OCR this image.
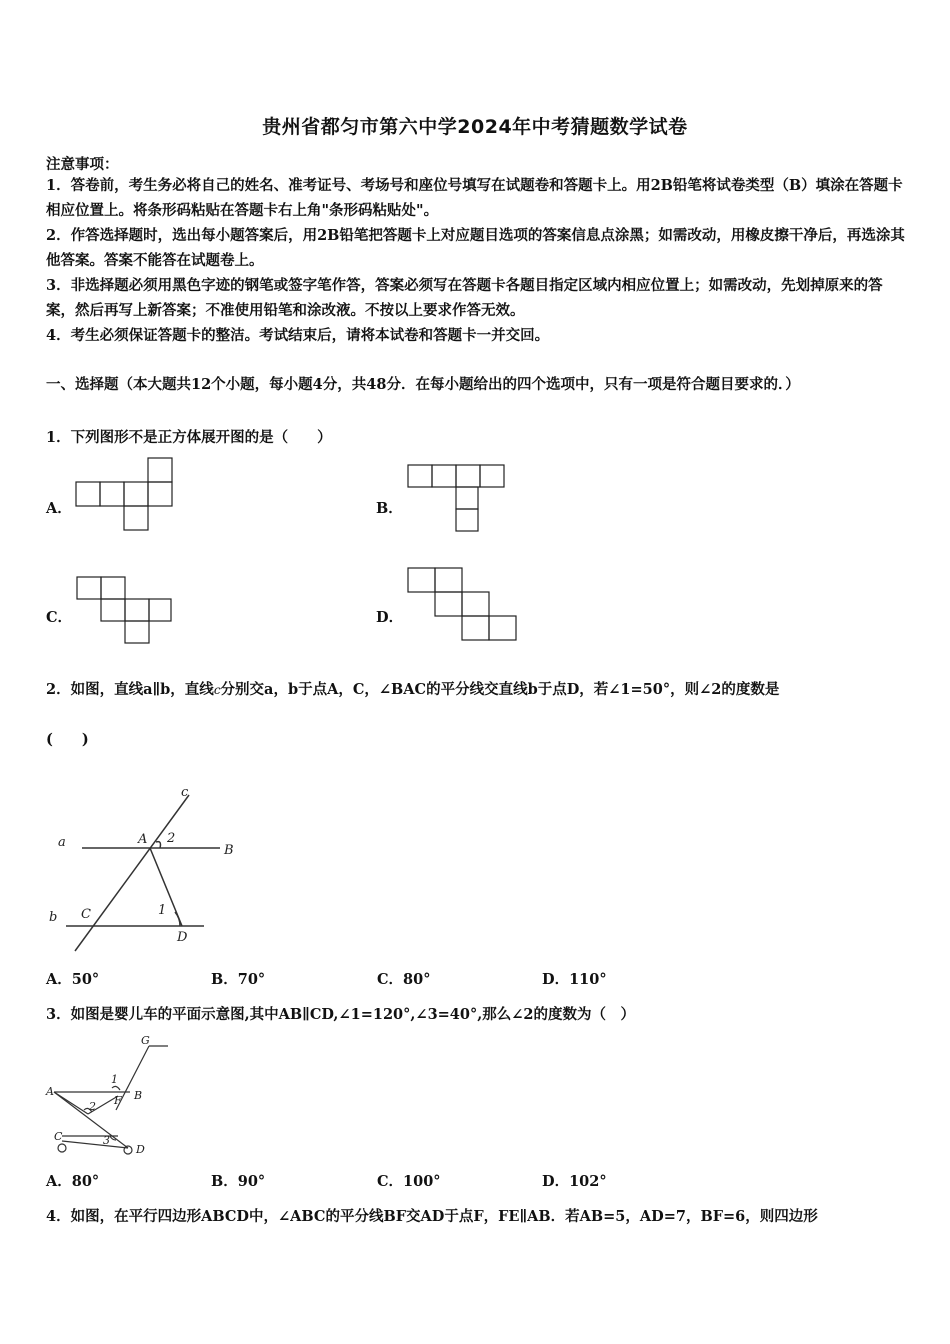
贵州省都匀市第六中学2024年中考猜题数学试卷
注意事项：
1．答卷前，考生务必将自己的姓名、准考证号、考场号和座位号填写在试题卷和答题卡上。用2B铅笔将试卷类型（B）填涂在答题卡相应位置上。将条形码粘贴在答题卡右上角"条形码粘贴处"。
2．作答选择题时，选出每小题答案后，用2B铅笔把答题卡上对应题目选项的答案信息点涂黑；如需改动，用橡皮擦干净后，再选涂其他答案。答案不能答在试题卷上。
3．非选择题必须用黑色字迹的钢笔或签字笔作答，答案必须写在答题卡各题目指定区域内相应位置上；如需改动，先划掉原来的答案，然后再写上新答案；不准使用铅笔和涂改液。不按以上要求作答无效。
4．考生必须保证答题卡的整洁。考试结束后，请将本试卷和答题卡一并交回。
一、选择题（本大题共12个小题，每小题4分，共48分．在每小题给出的四个选项中，只有一项是符合题目要求的．）
1．下列图形不是正方体展开图的是（　　）
A．	B．
C．	D．
2．如图，直线a∥b，直线c分别交a，b于点A，C，∠BAC的平分线交直线b于点D，若∠1=50°，则∠2的度数是
(　　)
c
a	A 2
B
b C	1
D
A．50°	B．70°	C．80°	D．110°
3．如图是婴儿车的平面示意图,其中AB∥CD,∠1=120°,∠3=40°,那么∠2的度数为（　）
G
1
A
F B
2
C	3
D
A．80°	B．90°	C．100°	D．102°
4．如图，在平行四边形ABCD中，∠ABC的平分线BF交AD于点F，FE∥AB．若AB=5，AD=7，BF=6，则四边形
